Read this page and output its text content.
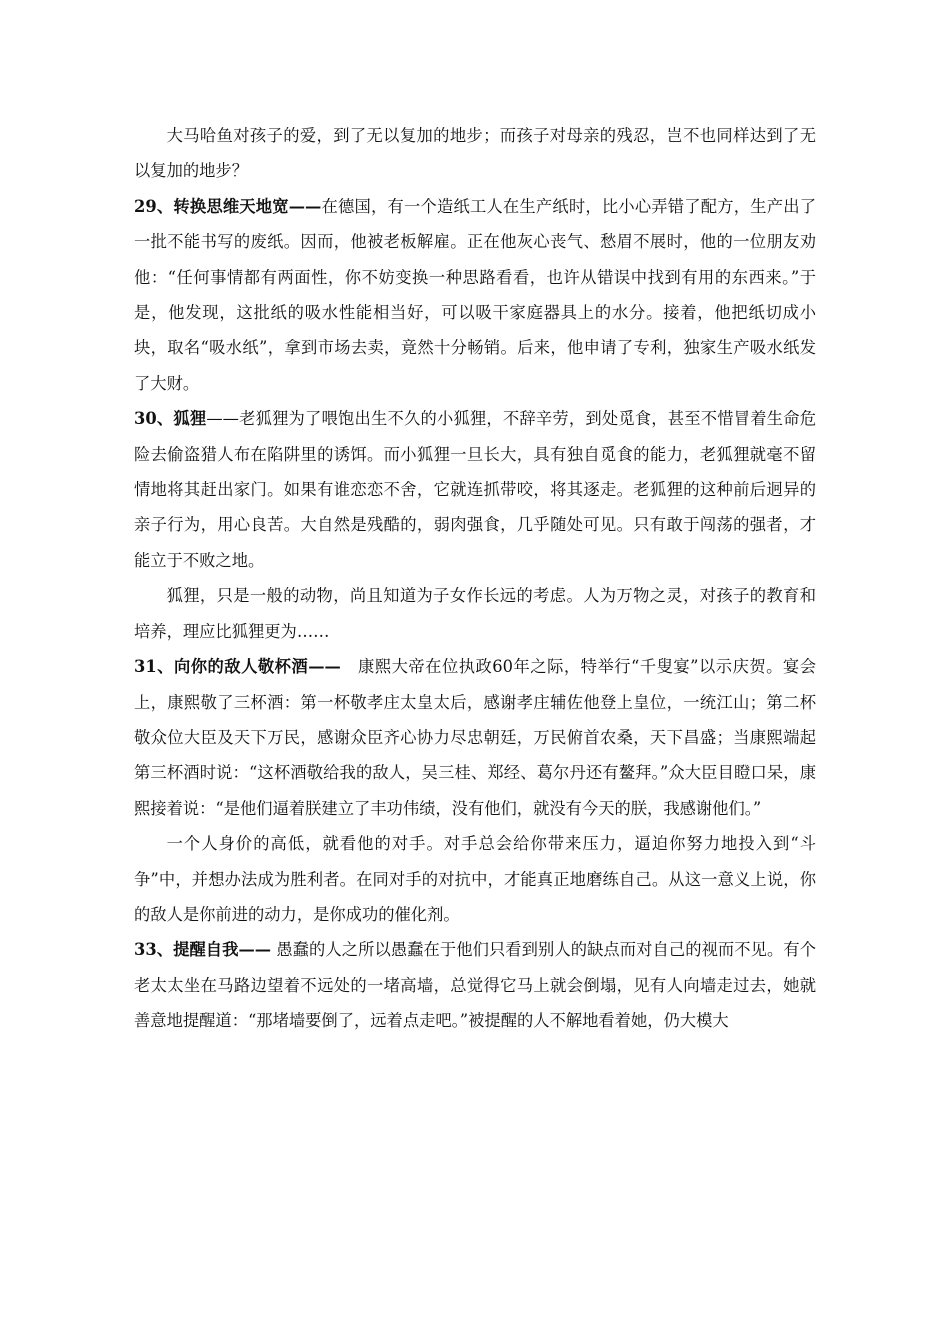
大马哈鱼对孩子的爱，到了无以复加的地步；而孩子对母亲的残忍，岂不也同样达到了无以复加的地步？

29、转换思维天地宽——在德国，有一个造纸工人在生产纸时，比小心弄错了配方，生产出了一批不能书写的废纸。因而，他被老板解雇。正在他灰心丧气、愁眉不展时，他的一位朋友劝他：“任何事情都有两面性，你不妨变换一种思路看看，也许从错误中找到有用的东西来。”于是，他发现，这批纸的吸水性能相当好，可以吸干家庭器具上的水分。接着，他把纸切成小块，取名“吸水纸”，拿到市场去卖，竟然十分畅销。后来，他申请了专利，独家生产吸水纸发了大财。

30、狐狸——老狐狸为了喂饱出生不久的小狐狸，不辞辛劳，到处觅食，甚至不惜冒着生命危险去偷盗猎人布在陷阱里的诱饵。而小狐狸一旦长大，具有独自觅食的能力，老狐狸就毫不留情地将其赶出家门。如果有谁恋恋不舍，它就连抓带咬，将其逐走。老狐狸的这种前后迥异的亲子行为，用心良苦。大自然是残酷的，弱肉强食，几乎随处可见。只有敢于闯荡的强者，才能立于不败之地。

狐狸，只是一般的动物，尚且知道为子女作长远的考虑。人为万物之灵，对孩子的教育和培养，理应比狐狸更为……

31、向你的敌人敬杯酒——　康熙大帝在位执政60年之际，特举行“千叟宴”以示庆贺。宴会上，康熙敬了三杯酒：第一杯敬孝庄太皇太后，感谢孝庄辅佐他登上皇位，一统江山；第二杯敬众位大臣及天下万民，感谢众臣齐心协力尽忠朝廷，万民俯首农桑，天下昌盛；当康熙端起第三杯酒时说：“这杯酒敬给我的敌人，吴三桂、郑经、葛尔丹还有鳌拜。”众大臣目瞪口呆，康熙接着说：“是他们逼着朕建立了丰功伟绩，没有他们，就没有今天的朕，我感谢他们。”

一个人身价的高低，就看他的对手。对手总会给你带来压力，逼迫你努力地投入到“斗争”中，并想办法成为胜利者。在同对手的对抗中，才能真正地磨练自己。从这一意义上说，你的敌人是你前进的动力，是你成功的催化剂。

33、提醒自我—— 愚蠢的人之所以愚蠢在于他们只看到别人的缺点而对自己的视而不见。有个老太太坐在马路边望着不远处的一堵高墙，总觉得它马上就会倒塌，见有人向墙走过去，她就善意地提醒道：“那堵墙要倒了，远着点走吧。”被提醒的人不解地看着她，仍大模大
